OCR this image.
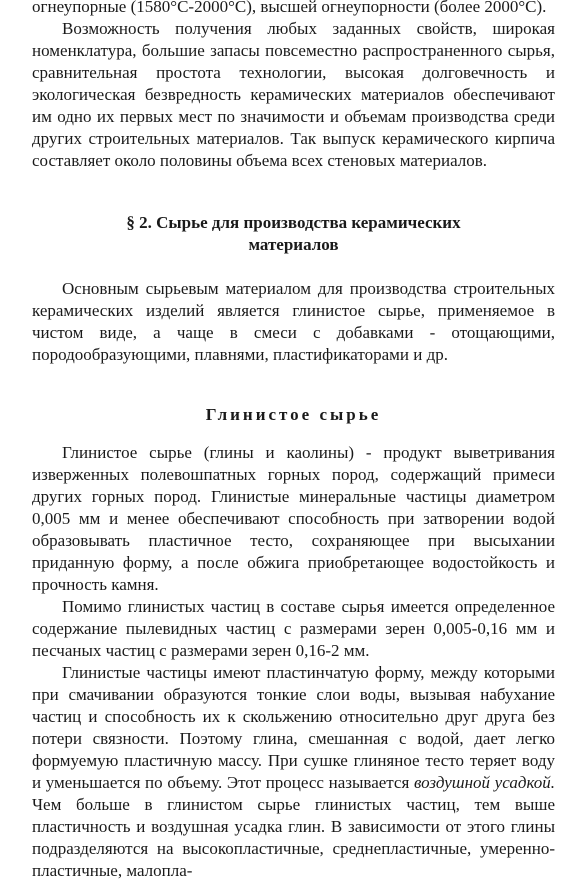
огнеупорные (1580°С-2000°С), высшей огнеупорности (более 2000°С).

Возможность получения любых заданных свойств, широкая номенклатура, большие запасы повсеместно распространенного сырья, сравнительная простота технологии, высокая долговечность и экологическая безвредность керамических материалов обеспечивают им одно их первых мест по значимости и объемам производства среди других строительных материалов. Так выпуск керамического кирпича составляет около половины объема всех стеновых материалов.

§ 2. Сырье для производства керамических
материалов

Основным сырьевым материалом для производства строительных керамических изделий является глинистое сырье, применяемое в чистом виде, а чаще в смеси с добавками - отощающими, породообразующими, плавнями, пластификаторами и др.

Глинистое сырье

Глинистое сырье (глины и каолины) - продукт выветривания изверженных полевошпатных горных пород, содержащий примеси других горных пород. Глинистые минеральные частицы диаметром 0,005 мм и менее обеспечивают способность при затворении водой образовывать пластичное тесто, сохраняющее при высыхании приданную форму, а после обжига приобретающее водостойкость и прочность камня.

Помимо глинистых частиц в составе сырья имеется определенное содержание пылевидных частиц с размерами зерен 0,005-0,16 мм и песчаных частиц с размерами зерен 0,16-2 мм.

Глинистые частицы имеют пластинчатую форму, между которыми при смачивании образуются тонкие слои воды, вызывая набухание частиц и способность их к скольжению относительно друг друга без потери связности. Поэтому глина, смешанная с водой, дает легко формуемую пластичную массу. При сушке глиняное тесто теряет воду и уменьшается по объему. Этот процесс называется воздушной усадкой. Чем больше в глинистом сырье глинистых частиц, тем выше пластичность и воздушная усадка глин. В зависимости от этого глины подразделяются на высокопластичные, среднепластичные, умеренно-пластичные, малопла-
